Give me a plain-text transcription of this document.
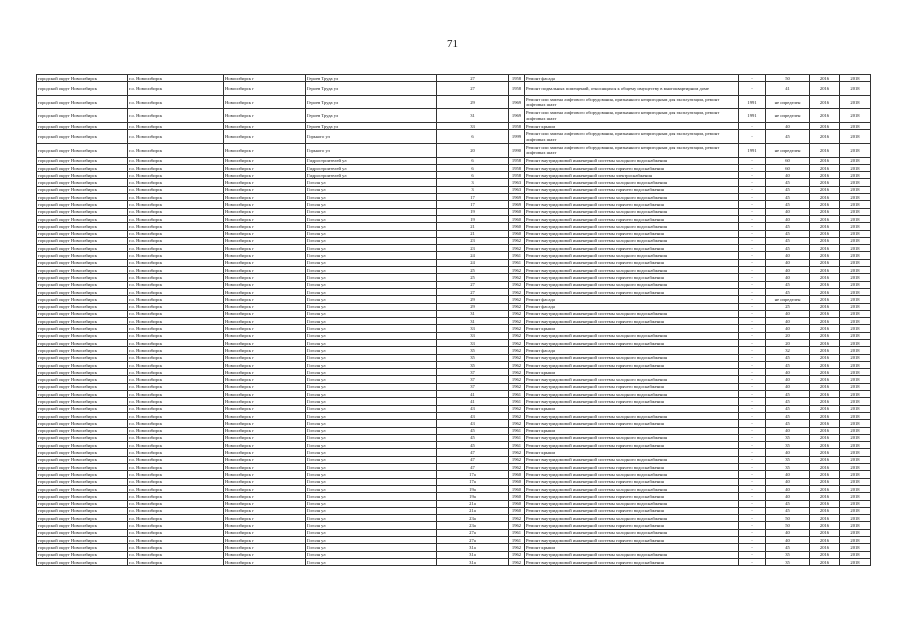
71
городской округ Новосибирск	г.о. Новосибирск	Новосибирск г	Героев Труда ул	27	1958	Ремонт фасада	-	50	2016	2018
городской округ Новосибирск	г.о. Новосибирск	Новосибирск г	Героев Труда ул	27	1958	Ремонт подвальных помещений, относящихся к общему имуществу в многоквартирном доме	-	41	2016	2018
городской округ Новосибирск	г.о. Новосибирск	Новосибирск г	Героев Труда ул	29	1969	Ремонт или замена лифтового оборудования, признанного непригодным для эксплуатации, ремонт лифтовых шахт	1991	не определен	2016	2018
городской округ Новосибирск	г.о. Новосибирск	Новосибирск г	Героев Труда ул	31	1969	Ремонт или замена лифтового оборудования, признанного непригодным для эксплуатации, ремонт лифтовых шахт	1991	не определен	2016	2018
городской округ Новосибирск	г.о. Новосибирск	Новосибирск г	Героев Труда ул	33	1958	Ремонт крыши	-	40	2016	2018
городской округ Новосибирск	г.о. Новосибирск	Новосибирск г	Горького ул	6	1999	Ремонт или замена лифтового оборудования, признанного непригодным для эксплуатации, ремонт лифтовых шахт	-	45	2016	2018
городской округ Новосибирск	г.о. Новосибирск	Новосибирск г	Горького ул	20	1990	Ремонт или замена лифтового оборудования, признанного непригодным для эксплуатации, ремонт лифтовых шахт	1991	не определен	2016	2018
городской округ Новосибирск	г.о. Новосибирск	Новосибирск г	Гидростроителей ул	6	1958	Ремонт внутридомовой инженерной системы холодного водоснабжения	-	60	2016	2018
городской округ Новосибирск	г.о. Новосибирск	Новосибирск г	Гидростроителей ул	6	1958	Ремонт внутридомовой инженерной системы горячего водоснабжения	-	60	2016	2018
городской округ Новосибирск	г.о. Новосибирск	Новосибирск г	Гидростроителей ул	6	1958	Ремонт внутридомовой инженерной системы электроснабжения	-	40	2016	2018
городской округ Новосибирск	г.о. Новосибирск	Новосибирск г	Гоголя ул	3	1963	Ремонт внутридомовой инженерной системы холодного водоснабжения	-	45	2016	2018
городской округ Новосибирск	г.о. Новосибирск	Новосибирск г	Гоголя ул	3	1963	Ремонт внутридомовой инженерной системы горячего водоснабжения	-	45	2016	2018
городской округ Новосибирск	г.о. Новосибирск	Новосибирск г	Гоголя ул	17	1969	Ремонт внутридомовой инженерной системы холодного водоснабжения	-	45	2016	2018
городской округ Новосибирск	г.о. Новосибирск	Новосибирск г	Гоголя ул	17	1969	Ремонт внутридомовой инженерной системы горячего водоснабжения	-	45	2016	2018
городской округ Новосибирск	г.о. Новосибирск	Новосибирск г	Гоголя ул	19	1960	Ремонт внутридомовой инженерной системы холодного водоснабжения	-	40	2016	2018
городской округ Новосибирск	г.о. Новосибирск	Новосибирск г	Гоголя ул	19	1960	Ремонт внутридомовой инженерной системы горячего водоснабжения	-	40	2016	2018
городской округ Новосибирск	г.о. Новосибирск	Новосибирск г	Гоголя ул	21	1960	Ремонт внутридомовой инженерной системы холодного водоснабжения	-	45	2016	2018
городской округ Новосибирск	г.о. Новосибирск	Новосибирск г	Гоголя ул	21	1960	Ремонт внутридомовой инженерной системы горячего водоснабжения	-	45	2016	2018
городской округ Новосибирск	г.о. Новосибирск	Новосибирск г	Гоголя ул	23	1962	Ремонт внутридомовой инженерной системы холодного водоснабжения	-	45	2016	2018
городской округ Новосибирск	г.о. Новосибирск	Новосибирск г	Гоголя ул	23	1962	Ремонт внутридомовой инженерной системы горячего водоснабжения	-	45	2016	2018
городской округ Новосибирск	г.о. Новосибирск	Новосибирск г	Гоголя ул	24	1961	Ремонт внутридомовой инженерной системы холодного водоснабжения	-	40	2016	2018
городской округ Новосибирск	г.о. Новосибирск	Новосибирск г	Гоголя ул	24	1961	Ремонт внутридомовой инженерной системы горячего водоснабжения	-	40	2016	2018
городской округ Новосибирск	г.о. Новосибирск	Новосибирск г	Гоголя ул	25	1962	Ремонт внутридомовой инженерной системы холодного водоснабжения	-	40	2016	2018
городской округ Новосибирск	г.о. Новосибирск	Новосибирск г	Гоголя ул	25	1962	Ремонт внутридомовой инженерной системы горячего водоснабжения	-	40	2016	2018
городской округ Новосибирск	г.о. Новосибирск	Новосибирск г	Гоголя ул	27	1962	Ремонт внутридомовой инженерной системы холодного водоснабжения	-	45	2016	2018
городской округ Новосибирск	г.о. Новосибирск	Новосибирск г	Гоголя ул	27	1962	Ремонт внутридомовой инженерной системы горячего водоснабжения	-	45	2016	2018
городской округ Новосибирск	г.о. Новосибирск	Новосибирск г	Гоголя ул	29	1962	Ремонт фасада	-	не определен	2016	2018
городской округ Новосибирск	г.о. Новосибирск	Новосибирск г	Гоголя ул	29	1962	Ремонт фасада	-	25	2016	2018
городской округ Новосибирск	г.о. Новосибирск	Новосибирск г	Гоголя ул	31	1962	Ремонт внутридомовой инженерной системы холодного водоснабжения	-	40	2016	2018
городской округ Новосибирск	г.о. Новосибирск	Новосибирск г	Гоголя ул	31	1962	Ремонт внутридомовой инженерной системы горячего водоснабжения	-	40	2016	2018
городской округ Новосибирск	г.о. Новосибирск	Новосибирск г	Гоголя ул	33	1962	Ремонт крыши	-	40	2016	2018
городской округ Новосибирск	г.о. Новосибирск	Новосибирск г	Гоголя ул	33	1962	Ремонт внутридомовой инженерной системы холодного водоснабжения	-	20	2016	2018
городской округ Новосибирск	г.о. Новосибирск	Новосибирск г	Гоголя ул	33	1962	Ремонт внутридомовой инженерной системы горячего водоснабжения	-	20	2016	2018
городской округ Новосибирск	г.о. Новосибирск	Новосибирск г	Гоголя ул	35	1962	Ремонт фасада	-	32	2016	2018
городской округ Новосибирск	г.о. Новосибирск	Новосибирск г	Гоголя ул	35	1962	Ремонт внутридомовой инженерной системы холодного водоснабжения	-	45	2016	2018
городской округ Новосибирск	г.о. Новосибирск	Новосибирск г	Гоголя ул	35	1962	Ремонт внутридомовой инженерной системы горячего водоснабжения	-	45	2016	2018
городской округ Новосибирск	г.о. Новосибирск	Новосибирск г	Гоголя ул	37	1962	Ремонт крыши	-	40	2016	2018
городской округ Новосибирск	г.о. Новосибирск	Новосибирск г	Гоголя ул	37	1962	Ремонт внутридомовой инженерной системы холодного водоснабжения	-	40	2016	2018
городской округ Новосибирск	г.о. Новосибирск	Новосибирск г	Гоголя ул	37	1962	Ремонт внутридомовой инженерной системы горячего водоснабжения	-	40	2016	2018
городской округ Новосибирск	г.о. Новосибирск	Новосибирск г	Гоголя ул	41	1961	Ремонт внутридомовой инженерной системы холодного водоснабжения	-	45	2016	2018
городской округ Новосибирск	г.о. Новосибирск	Новосибирск г	Гоголя ул	41	1961	Ремонт внутридомовой инженерной системы горячего водоснабжения	-	45	2016	2018
городской округ Новосибирск	г.о. Новосибирск	Новосибирск г	Гоголя ул	43	1962	Ремонт крыши	-	45	2016	2018
городской округ Новосибирск	г.о. Новосибирск	Новосибирск г	Гоголя ул	43	1962	Ремонт внутридомовой инженерной системы холодного водоснабжения	-	45	2016	2018
городской округ Новосибирск	г.о. Новосибирск	Новосибирск г	Гоголя ул	43	1962	Ремонт внутридомовой инженерной системы горячего водоснабжения	-	45	2016	2018
городской округ Новосибирск	г.о. Новосибирск	Новосибирск г	Гоголя ул	45	1961	Ремонт крыши	-	40	2016	2018
городской округ Новосибирск	г.о. Новосибирск	Новосибирск г	Гоголя ул	45	1961	Ремонт внутридомовой инженерной системы холодного водоснабжения	-	35	2016	2018
городской округ Новосибирск	г.о. Новосибирск	Новосибирск г	Гоголя ул	45	1961	Ремонт внутридомовой инженерной системы горячего водоснабжения	-	35	2016	2018
городской округ Новосибирск	г.о. Новосибирск	Новосибирск г	Гоголя ул	47	1962	Ремонт крыши	-	40	2016	2018
городской округ Новосибирск	г.о. Новосибирск	Новосибирск г	Гоголя ул	47	1962	Ремонт внутридомовой инженерной системы холодного водоснабжения	-	35	2016	2018
городской округ Новосибирск	г.о. Новосибирск	Новосибирск г	Гоголя ул	47	1962	Ремонт внутридомовой инженерной системы горячего водоснабжения	-	35	2016	2018
городской округ Новосибирск	г.о. Новосибирск	Новосибирск г	Гоголя ул	17а	1960	Ремонт внутридомовой инженерной системы холодного водоснабжения	-	40	2016	2018
городской округ Новосибирск	г.о. Новосибирск	Новосибирск г	Гоголя ул	17а	1960	Ремонт внутридомовой инженерной системы горячего водоснабжения	-	40	2016	2018
городской округ Новосибирск	г.о. Новосибирск	Новосибирск г	Гоголя ул	19а	1960	Ремонт внутридомовой инженерной системы холодного водоснабжения	-	40	2016	2018
городской округ Новосибирск	г.о. Новосибирск	Новосибирск г	Гоголя ул	19а	1960	Ремонт внутридомовой инженерной системы горячего водоснабжения	-	40	2016	2018
городской округ Новосибирск	г.о. Новосибирск	Новосибирск г	Гоголя ул	21а	1960	Ремонт внутридомовой инженерной системы холодного водоснабжения	-	45	2016	2018
городской округ Новосибирск	г.о. Новосибирск	Новосибирск г	Гоголя ул	21а	1960	Ремонт внутридомовой инженерной системы горячего водоснабжения	-	45	2016	2018
городской округ Новосибирск	г.о. Новосибирск	Новосибирск г	Гоголя ул	23а	1962	Ремонт внутридомовой инженерной системы холодного водоснабжения	-	50	2016	2018
городской округ Новосибирск	г.о. Новосибирск	Новосибирск г	Гоголя ул	23а	1962	Ремонт внутридомовой инженерной системы горячего водоснабжения	-	50	2016	2018
городской округ Новосибирск	г.о. Новосибирск	Новосибирск г	Гоголя ул	27а	1961	Ремонт внутридомовой инженерной системы холодного водоснабжения	-	40	2016	2018
городской округ Новосибирск	г.о. Новосибирск	Новосибирск г	Гоголя ул	27а	1961	Ремонт внутридомовой инженерной системы горячего водоснабжения	-	40	2016	2018
городской округ Новосибирск	г.о. Новосибирск	Новосибирск г	Гоголя ул	31а	1962	Ремонт крыши	-	45	2016	2018
городской округ Новосибирск	г.о. Новосибирск	Новосибирск г	Гоголя ул	31а	1962	Ремонт внутридомовой инженерной системы холодного водоснабжения	-	35	2016	2018
городской округ Новосибирск	г.о. Новосибирск	Новосибирск г	Гоголя ул	31а	1962	Ремонт внутридомовой инженерной системы горячего водоснабжения	-	35	2016	2018
